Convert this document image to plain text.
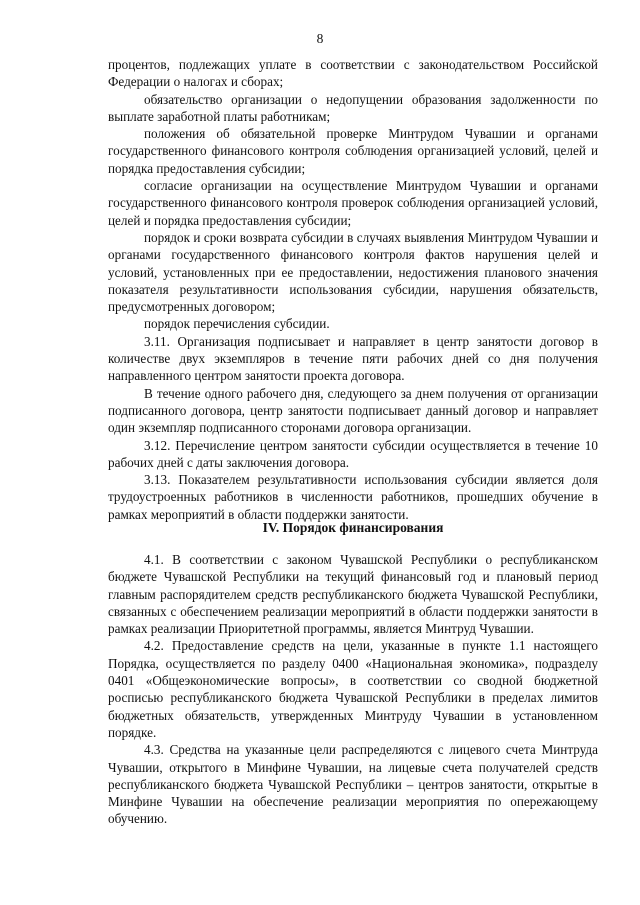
8

процентов, подлежащих уплате в соответствии с законодательством Российской Федерации о налогах и сборах;

обязательство организации о недопущении образования задолженности по выплате заработной платы работникам;

положения об обязательной проверке Минтрудом Чувашии и органами государственного финансового контроля соблюдения организацией условий, целей и порядка предоставления субсидии;

согласие организации на осуществление Минтрудом Чувашии и органами государственного финансового контроля проверок соблюдения организацией условий, целей и порядка предоставления субсидии;

порядок и сроки возврата субсидии в случаях выявления Минтрудом Чувашии и органами государственного финансового контроля фактов нарушения целей и условий, установленных при ее предоставлении, недостижения планового значения показателя результативности использования субсидии, нарушения обязательств, предусмотренных договором;

порядок перечисления субсидии.

3.11. Организация подписывает и направляет в центр занятости договор в количестве двух экземпляров в течение пяти рабочих дней со дня получения направленного центром занятости проекта договора.

В течение одного рабочего дня, следующего за днем получения от организации подписанного договора, центр занятости подписывает данный договор и направляет один экземпляр подписанного сторонами договора организации.

3.12. Перечисление центром занятости субсидии осуществляется в течение 10 рабочих дней с даты заключения договора.

3.13. Показателем результативности использования субсидии является доля трудоустроенных работников в численности работников, прошедших обучение в рамках мероприятий в области поддержки занятости.

IV. Порядок финансирования

4.1. В соответствии с законом Чувашской Республики о республиканском бюджете Чувашской Республики на текущий финансовый год и плановый период главным распорядителем средств республиканского бюджета Чувашской Республики, связанных с обеспечением реализации мероприятий в области поддержки занятости в рамках реализации Приоритетной программы, является Минтруд Чувашии.

4.2. Предоставление средств на цели, указанные в пункте 1.1 настоящего Порядка, осуществляется по разделу 0400 «Национальная экономика», подразделу 0401 «Общеэкономические вопросы», в соответствии со сводной бюджетной росписью республиканского бюджета Чувашской Республики в пределах лимитов бюджетных обязательств, утвержденных Минтруду Чувашии в установленном порядке.

4.3. Средства на указанные цели распределяются с лицевого счета Минтруда Чувашии, открытого в Минфине Чувашии, на лицевые счета получателей средств республиканского бюджета Чувашской Республики – центров занятости, открытые в Минфине Чувашии на обеспечение реализации мероприятия по опережающему обучению.
